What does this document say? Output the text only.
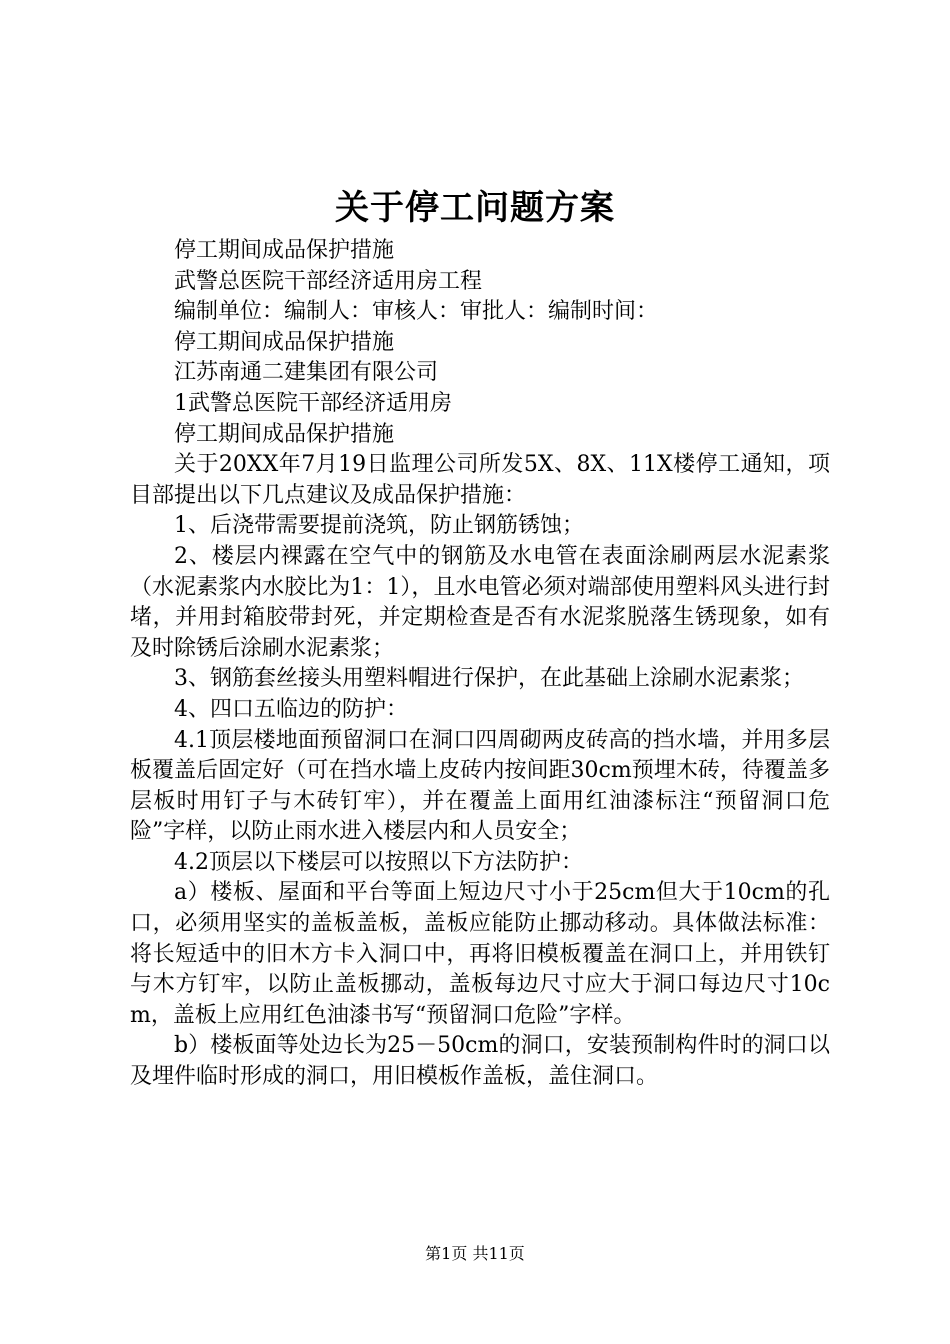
关于停工问题方案

停工期间成品保护措施

武警总医院干部经济适用房工程

编制单位：编制人：审核人：审批人：编制时间：

停工期间成品保护措施

江苏南通二建集团有限公司

1武警总医院干部经济适用房

停工期间成品保护措施

关于20XX年7月19日监理公司所发5X、8X、11X楼停工通知，项目部提出以下几点建议及成品保护措施：

1、后浇带需要提前浇筑，防止钢筋锈蚀；

2、楼层内裸露在空气中的钢筋及水电管在表面涂刷两层水泥素浆（水泥素浆内水胶比为1：1），且水电管必须对端部使用塑料风头进行封堵，并用封箱胶带封死，并定期检查是否有水泥浆脱落生锈现象，如有及时除锈后涂刷水泥素浆；

3、钢筋套丝接头用塑料帽进行保护，在此基础上涂刷水泥素浆；

4、四口五临边的防护：

4.1顶层楼地面预留洞口在洞口四周砌两皮砖高的挡水墙，并用多层板覆盖后固定好（可在挡水墙上皮砖内按间距30cm预埋木砖，待覆盖多层板时用钉子与木砖钉牢），并在覆盖上面用红油漆标注“预留洞口危险”字样，以防止雨水进入楼层内和人员安全；

4.2顶层以下楼层可以按照以下方法防护：

a）楼板、屋面和平台等面上短边尺寸小于25cm但大于10cm的孔口，必须用坚实的盖板盖板，盖板应能防止挪动移动。具体做法标准：将长短适中的旧木方卡入洞口中，再将旧模板覆盖在洞口上，并用铁钉与木方钉牢，以防止盖板挪动，盖板每边尺寸应大于洞口每边尺寸10cm，盖板上应用红色油漆书写“预留洞口危险”字样。

b）楼板面等处边长为25－50cm的洞口，安装预制构件时的洞口以及埋件临时形成的洞口，用旧模板作盖板，盖住洞口。

第1页 共11页
